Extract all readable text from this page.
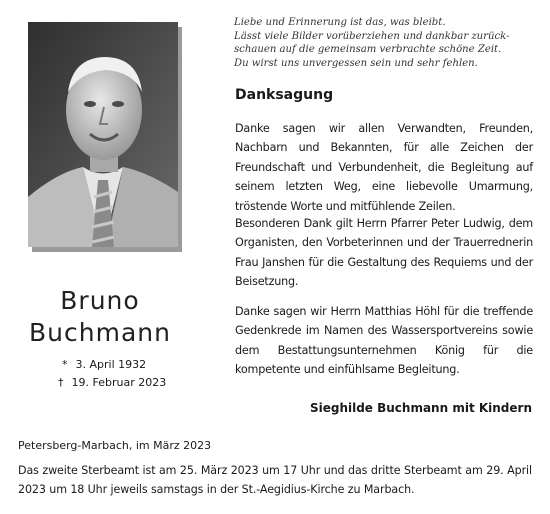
Bruno
Buchmann
* 3. April 1932
† 19. Februar 2023
Liebe und Erinnerung ist das, was bleibt.
Lässt viele Bilder vorüberziehen und dankbar zurück-
schauen auf die gemeinsam verbrachte schöne Zeit.
Du wirst uns unvergessen sein und sehr fehlen.
Danksagung
Danke sagen wir allen Verwandten, Freunden, Nachbarn und Bekannten, für alle Zeichen der Freundschaft und Verbundenheit, die Begleitung auf seinem letzten Weg, eine liebevolle Umarmung, tröstende Worte und mitfühlende Zeilen.
Besonderen Dank gilt Herrn Pfarrer Peter Ludwig, dem Organisten, den Vorbeterinnen und der Trauerrednerin Frau Janshen für die Gestaltung des Requiems und der Beisetzung.
Danke sagen wir Herrn Matthias Höhl für die treffende Gedenkrede im Namen des Wassersportvereins sowie dem Bestattungsunternehmen König für die kompetente und einfühlsame Begleitung.
Sieghilde Buchmann mit Kindern
Petersberg-Marbach, im März 2023
Das zweite Sterbeamt ist am 25. März 2023 um 17 Uhr und das dritte Sterbeamt am 29. April 2023 um 18 Uhr jeweils samstags in der St.-Aegidius-Kirche zu Marbach.
